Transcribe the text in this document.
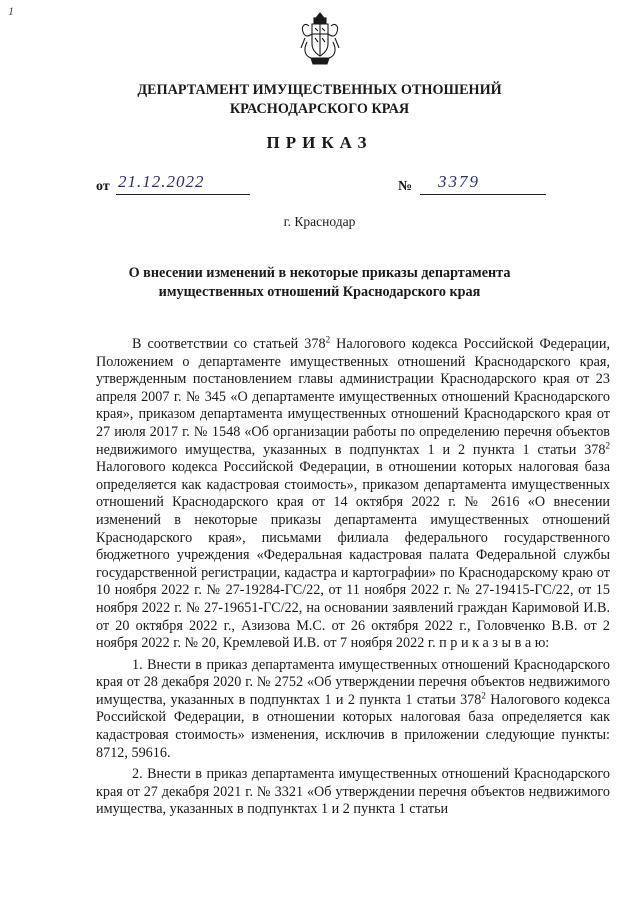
1
ДЕПАРТАМЕНТ ИМУЩЕСТВЕННЫХ ОТНОШЕНИЙ
КРАСНОДАРСКОГО КРАЯ
ПРИКАЗ
от 21.12.2022	№ 3379
г. Краснодар
О внесении изменений в некоторые приказы департамента
имущественных отношений Краснодарского края

В соответствии со статьей $378^2$ Налогового кодекса Российской Федерации, Положением о департаменте имущественных отношений Краснодарского края, утвержденным постановлением главы администрации Краснодарского края от 23 апреля 2007 г. № 345 «О департаменте имущественных отношений Краснодарского края», приказом департамента имущественных отношений Краснодарского края от 27 июля 2017 г. № 1548 «Об организации работы по определению перечня объектов недвижимого имущества, указанных в подпунктах 1 и 2 пункта 1 статьи $378^2$ Налогового кодекса Российской Федерации, в отношении которых налоговая база определяется как кадастровая стоимость», приказом департамента имущественных отношений Краснодарского края от 14 октября 2022 г. № 2616 «О внесении изменений в некоторые приказы департамента имущественных отношений Краснодарского края», письмами филиала федерального государственного бюджетного учреждения «Федеральная кадастровая палата Федеральной службы государственной регистрации, кадастра и картографии» по Краснодарскому краю от 10 ноября 2022 г. № 27-19284-ГС/22, от 11 ноября 2022 г. № 27-19415-ГС/22, от 15 ноября 2022 г. № 27-19651-ГС/22, на основании заявлений граждан Каримовой И.В. от 20 октября 2022 г., Азизова М.С. от 26 октября 2022 г., Головченко В.В. от 2 ноября 2022 г. № 20, Кремлевой И.В. от 7 ноября 2022 г. п р и к а з ы в а ю:

1. Внести в приказ департамента имущественных отношений Краснодарского края от 28 декабря 2020 г. № 2752 «Об утверждении перечня объектов недвижимого имущества, указанных в подпунктах 1 и 2 пункта 1 статьи $378^2$ Налогового кодекса Российской Федерации, в отношении которых налоговая база определяется как кадастровая стоимость» изменения, исключив в приложении следующие пункты: 8712, 59616.

2. Внести в приказ департамента имущественных отношений Краснодарского края от 27 декабря 2021 г. № 3321 «Об утверждении перечня объектов недвижимого имущества, указанных в подпунктах 1 и 2 пункта 1 статьи
